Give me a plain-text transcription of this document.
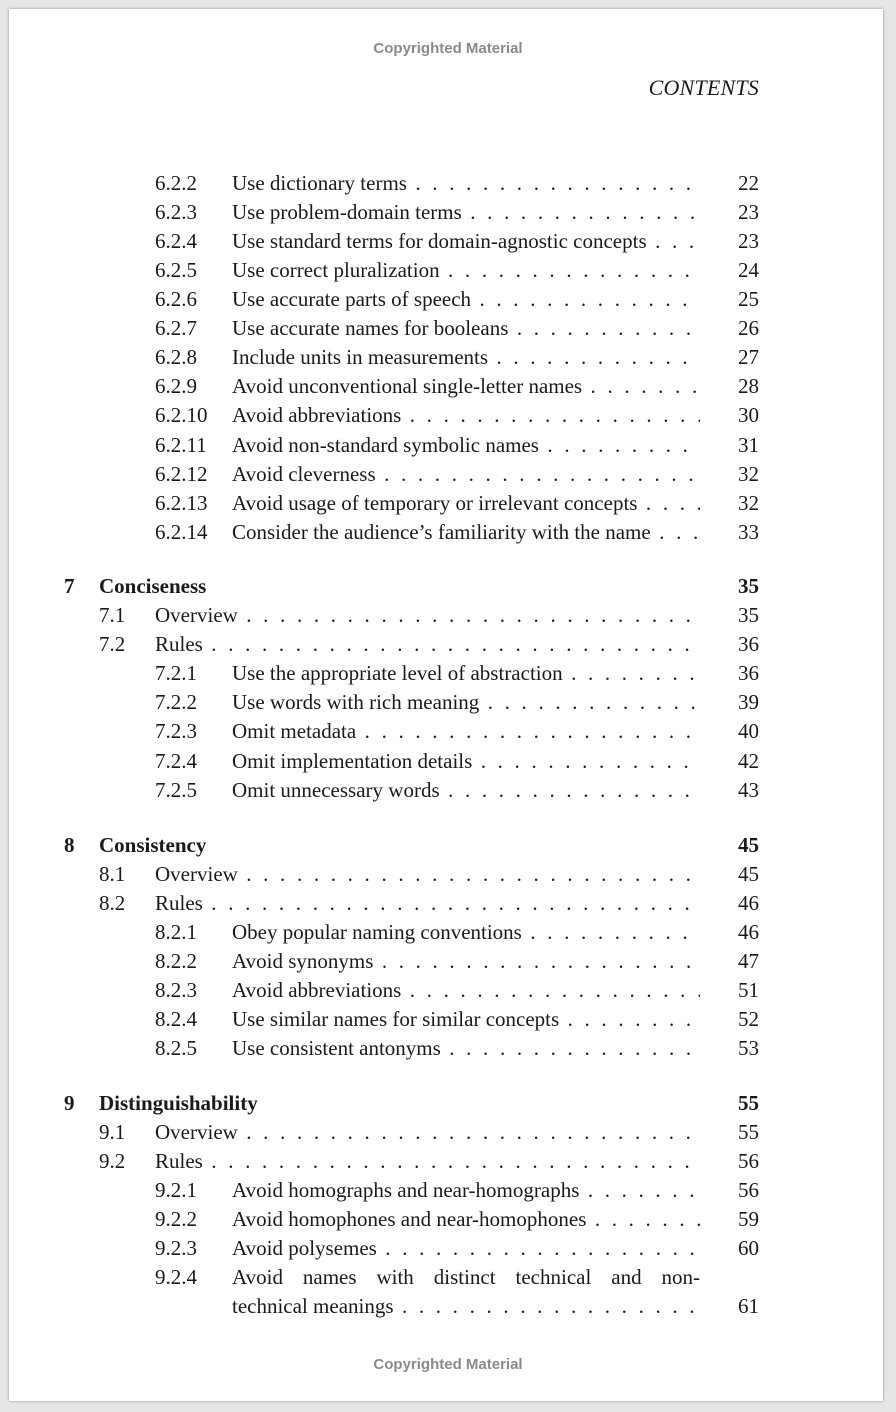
Copyrighted Material
CONTENTS
6.2.2 Use dictionary terms . . .	22
6.2.3 Use problem-domain terms . . .	23
6.2.4 Use standard terms for domain-agnostic concepts . . .	23
6.2.5 Use correct pluralization . . .	24
6.2.6 Use accurate parts of speech . . .	25
6.2.7 Use accurate names for booleans . . .	26
6.2.8 Include units in measurements . . .	27
6.2.9 Avoid unconventional single-letter names . . .	28
6.2.10 Avoid abbreviations . . .	30
6.2.11 Avoid non-standard symbolic names . . .	31
6.2.12 Avoid cleverness . . .	32
6.2.13 Avoid usage of temporary or irrelevant concepts . . .	32
6.2.14 Consider the audience’s familiarity with the name . . .	33
7 Conciseness	35
7.1 Overview . . .	35
7.2 Rules . . .	36
7.2.1 Use the appropriate level of abstraction . . .	36
7.2.2 Use words with rich meaning . . .	39
7.2.3 Omit metadata . . .	40
7.2.4 Omit implementation details . . .	42
7.2.5 Omit unnecessary words . . .	43
8 Consistency	45
8.1 Overview . . .	45
8.2 Rules . . .	46
8.2.1 Obey popular naming conventions . . .	46
8.2.2 Avoid synonyms . . .	47
8.2.3 Avoid abbreviations . . .	51
8.2.4 Use similar names for similar concepts . . .	52
8.2.5 Use consistent antonyms . . .	53
9 Distinguishability	55
9.1 Overview . . .	55
9.2 Rules . . .	56
9.2.1 Avoid homographs and near-homographs . . .	56
9.2.2 Avoid homophones and near-homophones . . .	59
9.2.3 Avoid polysemes . . .	60
9.2.4 Avoid names with distinct technical and non-
technical meanings . . .	61
Copyrighted Material
